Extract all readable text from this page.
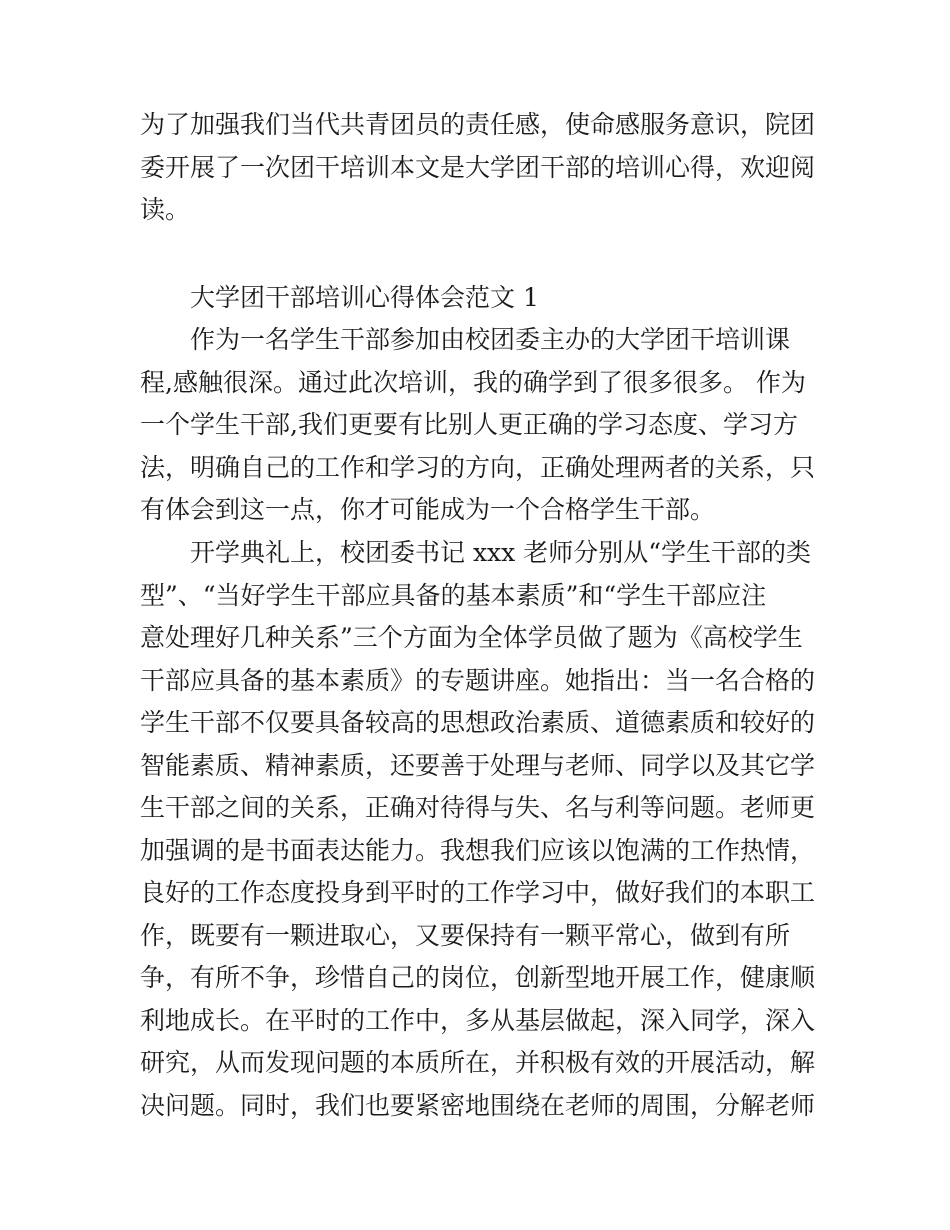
为了加强我们当代共青团员的责任感，使命感服务意识，院团
委开展了一次团干培训本文是大学团干部的培训心得，欢迎阅
读。
大学团干部培训心得体会范文 1
作为一名学生干部参加由校团委主办的大学团干培训课
程,感触很深。通过此次培训，我的确学到了很多很多。 作为
一个学生干部,我们更要有比别人更正确的学习态度、学习方
法，明确自己的工作和学习的方向，正确处理两者的关系，只
有体会到这一点，你才可能成为一个合格学生干部。
开学典礼上，校团委书记 xxx 老师分别从“学生干部的类
型”、“当好学生干部应具备的基本素质”和“学生干部应注
意处理好几种关系”三个方面为全体学员做了题为《高校学生
干部应具备的基本素质》的专题讲座。她指出：当一名合格的
学生干部不仅要具备较高的思想政治素质、道德素质和较好的
智能素质、精神素质，还要善于处理与老师、同学以及其它学
生干部之间的关系，正确对待得与失、名与利等问题。老师更
加强调的是书面表达能力。我想我们应该以饱满的工作热情，
良好的工作态度投身到平时的工作学习中，做好我们的本职工
作，既要有一颗进取心，又要保持有一颗平常心，做到有所
争，有所不争，珍惜自己的岗位，创新型地开展工作，健康顺
利地成长。在平时的工作中，多从基层做起，深入同学，深入
研究，从而发现问题的本质所在，并积极有效的开展活动，解
决问题。同时，我们也要紧密地围绕在老师的周围，分解老师
